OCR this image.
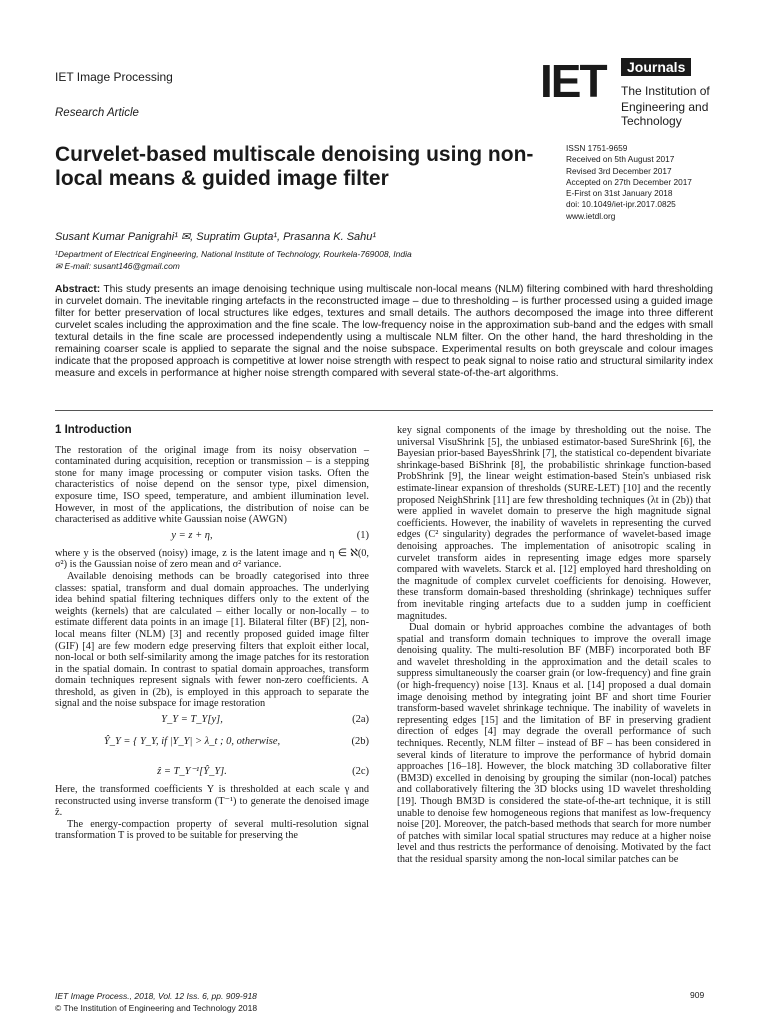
IET Image Processing
Research Article
IET	Journals
The Institution of
Engineering and Technology
Curvelet-based multiscale denoising using non-local means & guided image filter
ISSN 1751-9659
Received on 5th August 2017
Revised 3rd December 2017
Accepted on 27th December 2017
E-First on 31st January 2018
doi: 10.1049/iet-ipr.2017.0825
www.ietdl.org
Susant Kumar Panigrahi¹ ✉, Supratim Gupta¹, Prasanna K. Sahu¹
¹Department of Electrical Engineering, National Institute of Technology, Rourkela-769008, India
✉ E-mail: susant146@gmail.com
Abstract: This study presents an image denoising technique using multiscale non-local means (NLM) filtering combined with hard thresholding in curvelet domain. The inevitable ringing artefacts in the reconstructed image – due to thresholding – is further processed using a guided image filter for better preservation of local structures like edges, textures and small details. The authors decomposed the image into three different curvelet scales including the approximation and the fine scale. The low-frequency noise in the approximation sub-band and the edges with small textural details in the fine scale are processed independently using a multiscale NLM filter. On the other hand, the hard thresholding in the remaining coarser scale is applied to separate the signal and the noise subspace. Experimental results on both greyscale and colour images indicate that the proposed approach is competitive at lower noise strength with respect to peak signal to noise ratio and structural similarity index measure and excels in performance at higher noise strength compared with several state-of-the-art algorithms.
1 Introduction

The restoration of the original image from its noisy observation – contaminated during acquisition, reception or transmission – is a stepping stone for many image processing or computer vision tasks. Often the characteristics of noise depend on the sensor type, pixel dimension, exposure time, ISO speed, temperature, and ambient illumination level. However, in most of the applications, the distribution of noise can be characterised as additive white Gaussian noise (AWGN)

y = z + η,	(1)

where y is the observed (noisy) image, z is the latent image and η ∈ ℵ(0, σ²) is the Gaussian noise of zero mean and σ² variance.

Available denoising methods can be broadly categorised into three classes: spatial, transform and dual domain approaches. The underlying idea behind spatial filtering techniques differs only to the extent of the weights (kernels) that are calculated – either locally or non-locally – to estimate different data points in an image [1]. Bilateral filter (BF) [2], non-local means filter (NLM) [3] and recently proposed guided image filter (GIF) [4] are few modern edge preserving filters that exploit either local, non-local or both self-similarity among the image patches for its restoration in the spatial domain. In contrast to spatial domain approaches, transform domain techniques represent signals with fewer non-zero coefficients. A threshold, as given in (2b), is employed in this approach to separate the signal and the noise subspace for image restoration

Y_Υ = T_Υ[y],	(2a)
Ŷ_Υ = { Y_Υ, if |Y_Υ| > λ_t ; 0, otherwise,	(2b)
ẑ = T_Υ⁻¹[Ŷ_Υ].	(2c)

Here, the transformed coefficients Y is thresholded at each scale γ and reconstructed using inverse transform (T⁻¹) to generate the denoised image ẑ.

The energy-compaction property of several multi-resolution signal transformation T is proved to be suitable for preserving the

key signal components of the image by thresholding out the noise. The universal VisuShrink [5], the unbiased estimator-based SureShrink [6], the Bayesian prior-based BayesShrink [7], the statistical co-dependent bivariate shrinkage-based BiShrink [8], the probabilistic shrinkage function-based ProbShrink [9], the linear weight estimation-based Stein's unbiased risk estimate-linear expansion of thresholds (SURE-LET) [10] and the recently proposed NeighShrink [11] are few thresholding techniques (λt in (2b)) that were applied in wavelet domain to preserve the high magnitude signal coefficients. However, the inability of wavelets in representing the curved edges (C² singularity) degrades the performance of wavelet-based image denoising approaches. The implementation of anisotropic scaling in curvelet transform aides in representing image edges more sparsely compared with wavelets. Starck et al. [12] employed hard thresholding on the magnitude of complex curvelet coefficients for denoising. However, these transform domain-based thresholding (shrinkage) techniques suffer from inevitable ringing artefacts due to a sudden jump in coefficient magnitudes.

Dual domain or hybrid approaches combine the advantages of both spatial and transform domain techniques to improve the overall image denoising quality. The multi-resolution BF (MBF) incorporated both BF and wavelet thresholding in the approximation and the detail scales to suppress simultaneously the coarser grain (or low-frequency) and fine grain (or high-frequency) noise [13]. Knaus et al. [14] proposed a dual domain image denoising method by integrating joint BF and short time Fourier transform-based wavelet shrinkage technique. The inability of wavelets in representing edges [15] and the limitation of BF in preserving gradient direction of edges [4] may degrade the overall performance of such techniques. Recently, NLM filter – instead of BF – has been considered in several kinds of literature to improve the performance of hybrid domain approaches [16–18]. However, the block matching 3D collaborative filter (BM3D) excelled in denoising by grouping the similar (non-local) patches and collaboratively filtering the 3D blocks using 1D wavelet thresholding [19]. Though BM3D is considered the state-of-the-art technique, it is still unable to denoise few homogeneous regions that manifest as low-frequency noise [20]. Moreover, the patch-based methods that search for more number of patches with similar local spatial structures may reduce at a higher noise level and thus restricts the performance of denoising. Motivated by the fact that the residual sparsity among the non-local similar patches can be

IET Image Process., 2018, Vol. 12 Iss. 6, pp. 909-918
© The Institution of Engineering and Technology 2018
909
